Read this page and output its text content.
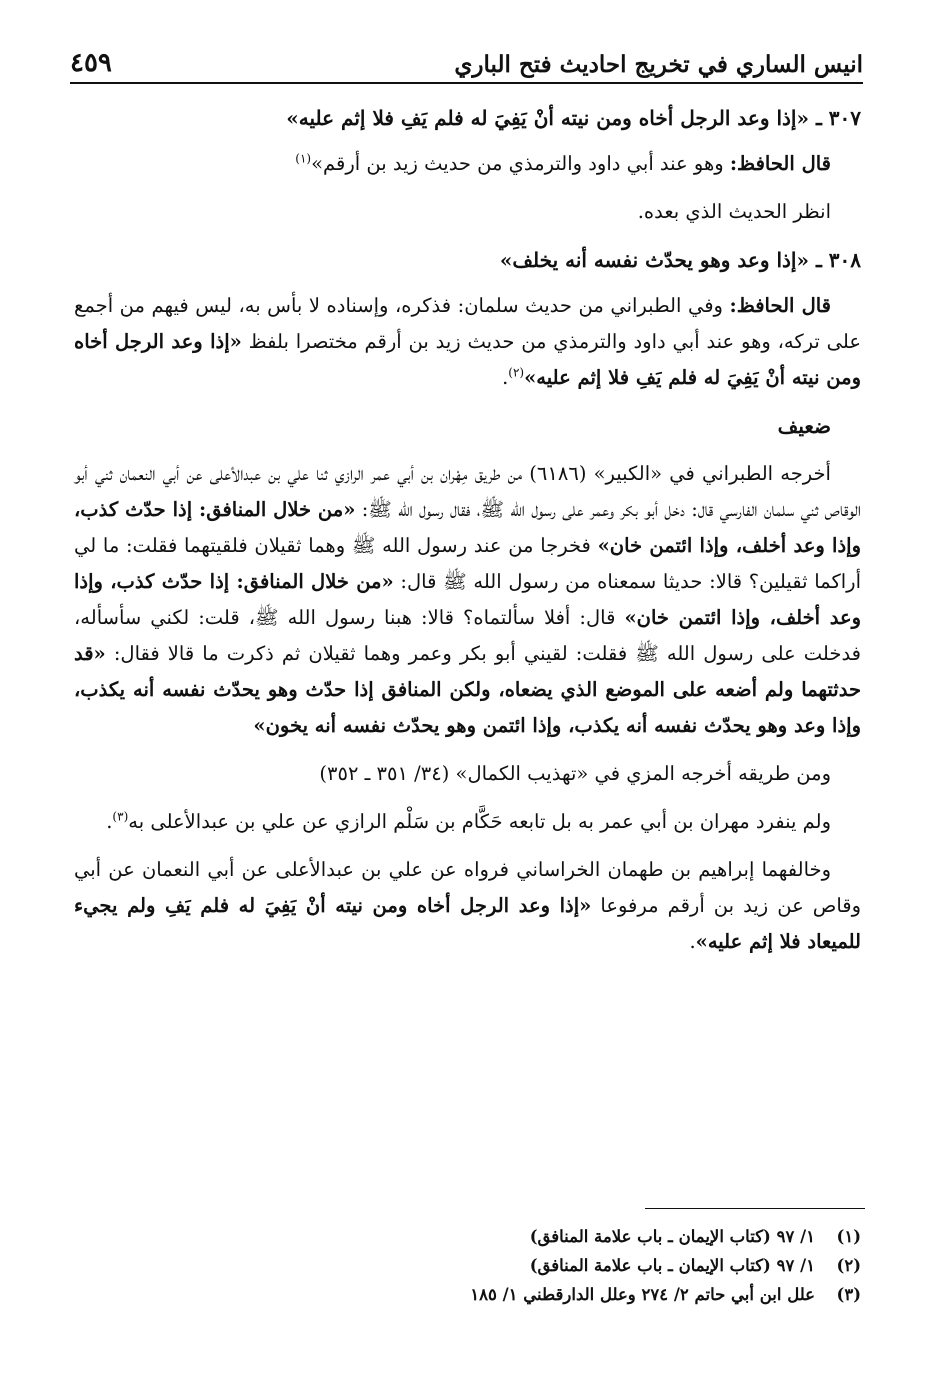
انيس الساري في تخريج احاديث فتح الباري
٤٥٩
٣٠٧ ـ «إذا وعد الرجل أخاه ومن نيته أنْ يَفِيَ له فلم يَفِ فلا إثم عليه»
قال الحافظ: وهو عند أبي داود والترمذي من حديث زيد بن أرقم»$^{(١)}$
انظر الحديث الذي بعده.
٣٠٨ ـ «إذا وعد وهو يحدّث نفسه أنه يخلف»
قال الحافظ: وفي الطبراني من حديث سلمان: فذكره، وإسناده لا بأس به، ليس فيهم من أجمع على تركه، وهو عند أبي داود والترمذي من حديث زيد بن أرقم مختصرا بلفظ «إذا وعد الرجل أخاه ومن نيته أنْ يَفِيَ له فلم يَفِ فلا إثم عليه»$^{(٢)}$.
ضعيف
أخرجه الطبراني في «الكبير» (٦١٨٦) من طريق مِهْران بن أبي عمر الرازي ثنا علي بن عبدالأعلى عن أبي النعمان ثني أبو الوقاص ثني سلمان الفارسي قال: دخل أبو بكر وعمر على رسول الله ﷺ، فقال رسول الله ﷺ: «من خلال المنافق: إذا حدّث كذب، وإذا وعد أخلف، وإذا ائتمن خان» فخرجا من عند رسول الله ﷺ وهما ثقيلان فلقيتهما فقلت: ما لي أراكما ثقيلين؟ قالا: حديثا سمعناه من رسول الله ﷺ قال: «من خلال المنافق: إذا حدّث كذب، وإذا وعد أخلف، وإذا ائتمن خان» قال: أفلا سألتماه؟ قالا: هبنا رسول الله ﷺ، قلت: لكني سأسأله، فدخلت على رسول الله ﷺ فقلت: لقيني أبو بكر وعمر وهما ثقيلان ثم ذكرت ما قالا فقال: «قد حدثتهما ولم أضعه على الموضع الذي يضعاه، ولكن المنافق إذا حدّث وهو يحدّث نفسه أنه يكذب، وإذا وعد وهو يحدّث نفسه أنه يكذب، وإذا ائتمن وهو يحدّث نفسه أنه يخون»
ومن طريقه أخرجه المزي في «تهذيب الكمال» (٣٤/ ٣٥١ ـ ٣٥٢)
ولم ينفرد مهران بن أبي عمر به بل تابعه حَكَّام بن سَلْم الرازي عن علي بن عبدالأعلى به$^{(٣)}$.
وخالفهما إبراهيم بن طهمان الخراساني فرواه عن علي بن عبدالأعلى عن أبي النعمان عن أبي وقاص عن زيد بن أرقم مرفوعا «إذا وعد الرجل أخاه ومن نيته أنْ يَفِيَ له فلم يَفِ ولم يجيء للميعاد فلا إثم عليه».
(١)
١/ ٩٧ (كتاب الإيمان ـ باب علامة المنافق)
(٢)
١/ ٩٧ (كتاب الإيمان ـ باب علامة المنافق)
(٣)
علل ابن أبي حاتم ٢/ ٢٧٤ وعلل الدارقطني ١/ ١٨٥
